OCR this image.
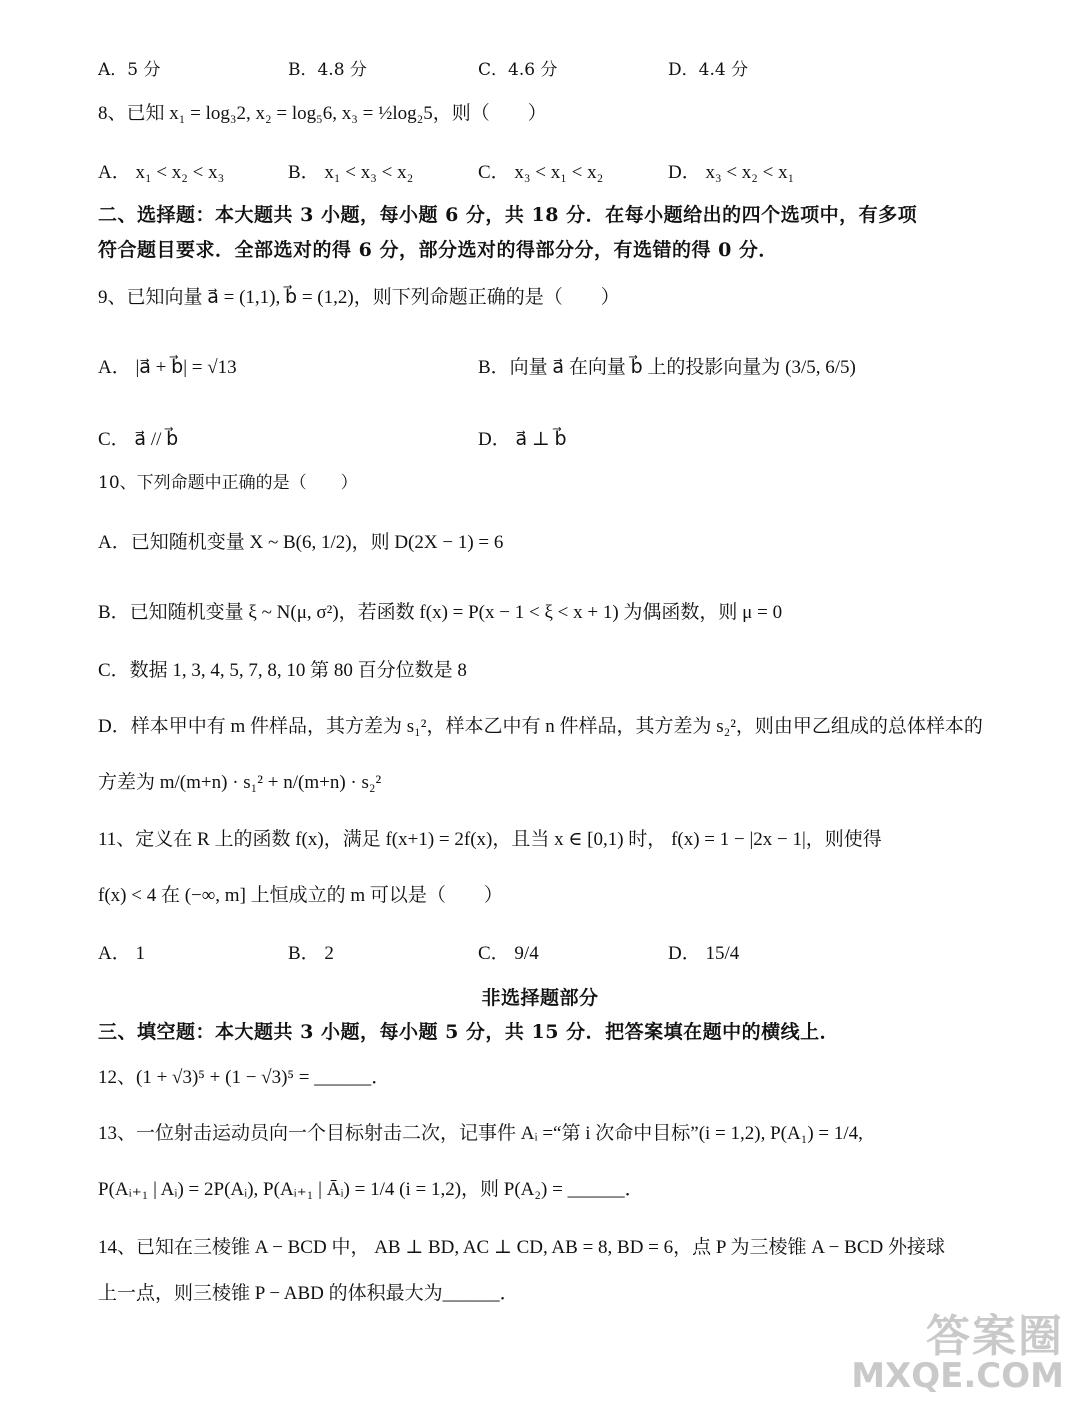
A．5 分	B．4.8 分	C．4.6 分	D．4.4 分
8、已知 x₁ = log₃2, x₂ = log₅6, x₃ = ½log₂5，则（　　）
A． x₁ < x₂ < x₃	B． x₁ < x₃ < x₂	C． x₃ < x₁ < x₂	D． x₃ < x₂ < x₁
二、选择题：本大题共 3 小题，每小题 6 分，共 18 分．在每小题给出的四个选项中，有多项
符合题目要求．全部选对的得 6 分，部分选对的得部分分，有选错的得 0 分．
9、已知向量 a⃗ = (1,1), b⃗ = (1,2)，则下列命题正确的是（　　）
A． |a⃗ + b⃗| = √13	B．向量 a⃗ 在向量 b⃗ 上的投影向量为 (3/5, 6/5)
C． a⃗ // b⃗	D． a⃗ ⊥ b⃗
10、下列命题中正确的是（　　）
A．已知随机变量 X ~ B(6, 1/2)，则 D(2X − 1) = 6
B．已知随机变量 ξ ~ N(μ, σ²)，若函数 f(x) = P(x − 1 < ξ < x + 1) 为偶函数，则 μ = 0
C．数据 1, 3, 4, 5, 7, 8, 10 第 80 百分位数是 8
D．样本甲中有 m 件样品，其方差为 s₁²，样本乙中有 n 件样品，其方差为 s₂²，则由甲乙组成的总体样本的
方差为 m/(m+n) · s₁² + n/(m+n) · s₂²
11、定义在 R 上的函数 f(x)，满足 f(x+1) = 2f(x)，且当 x ∈ [0,1) 时， f(x) = 1 − |2x − 1|，则使得
f(x) < 4 在 (−∞, m] 上恒成立的 m 可以是（　　）
A． 1	B． 2	C． 9/4	D． 15/4
非选择题部分
三、填空题：本大题共 3 小题，每小题 5 分，共 15 分．把答案填在题中的横线上．
12、(1 + √3)⁵ + (1 − √3)⁵ = ______．
13、一位射击运动员向一个目标射击二次，记事件 Aᵢ =“第 i 次命中目标”(i = 1,2), P(A₁) = 1/4,
P(Aᵢ₊₁ | Aᵢ) = 2P(Aᵢ), P(Aᵢ₊₁ | Āᵢ) = 1/4 (i = 1,2)，则 P(A₂) = ______．
14、已知在三棱锥 A − BCD 中， AB ⊥ BD, AC ⊥ CD, AB = 8, BD = 6，点 P 为三棱锥 A − BCD 外接球
上一点，则三棱锥 P − ABD 的体积最大为______．
答案圈
MXQE.COM
